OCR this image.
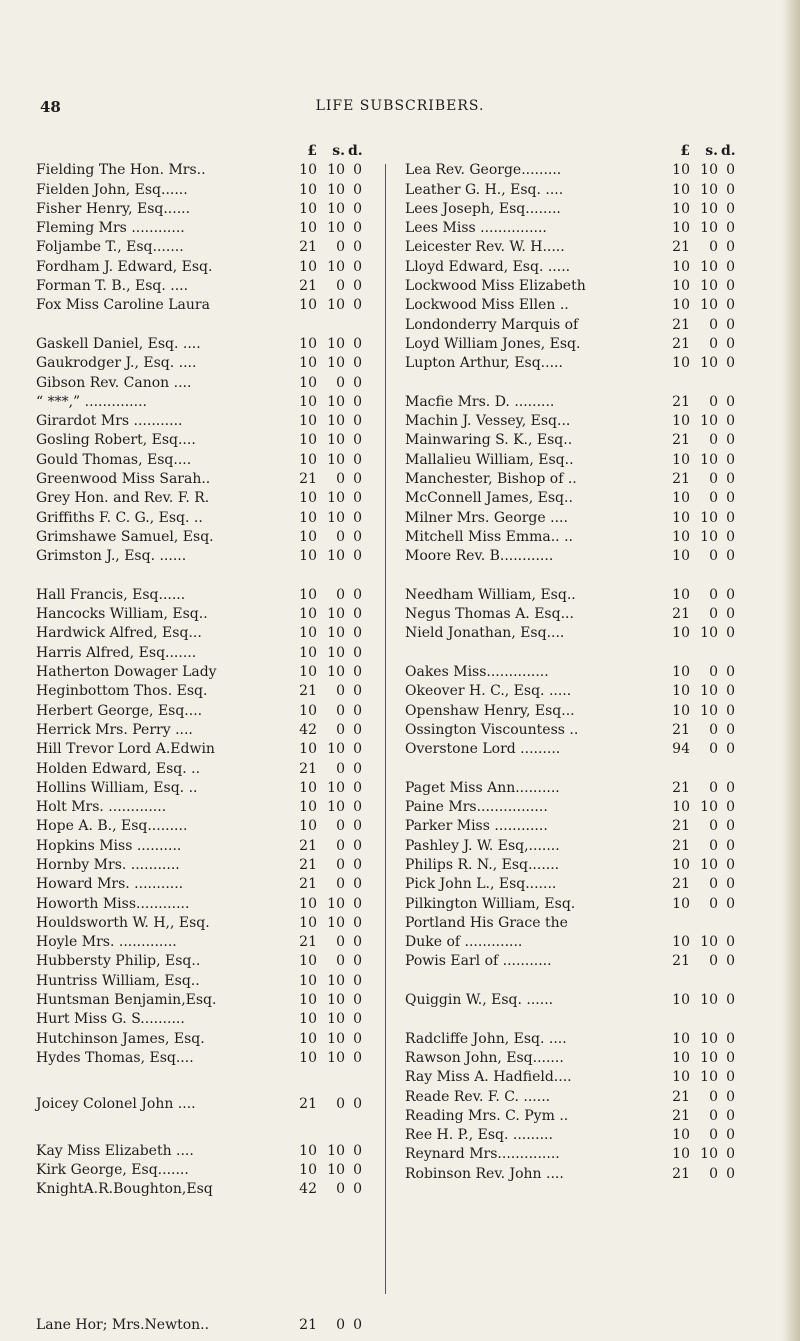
48	LIFE SUBSCRIBERS.
£	s. d.
Fielding The Hon. Mrs..	10 10 0
Fielden John, Esq......	10 10 0
Fisher Henry, Esq......	10 10 0
Fleming Mrs ............	10 10 0
Foljambe T., Esq.......	21	0 0
Fordham J. Edward, Esq.	10 10 0
Forman T. B., Esq. ....	21	0 0
Fox Miss Caroline Laura	10 10 0
Gaskell Daniel, Esq. ....	10 10 0
Gaukrodger J., Esq. ....	10 10 0
Gibson Rev. Canon ....	10	0 0
“ ***,” ..............	10 10 0
Girardot Mrs ...........	10 10 0
Gosling Robert, Esq....	10 10 0
Gould Thomas, Esq....	10 10 0
Greenwood Miss Sarah..	21	0 0
Grey Hon. and Rev. F. R.	10 10 0
Griffiths F. C. G., Esq. ..	10 10 0
Grimshawe Samuel, Esq.	10	0 0
Grimston J., Esq. ......	10 10 0
Hall Francis, Esq......	10	0 0
Hancocks William, Esq..	10 10 0
Hardwick Alfred, Esq...	10 10 0
Harris Alfred, Esq.......	10 10 0
Hatherton Dowager Lady	10 10 0
Heginbottom Thos. Esq.	21	0 0
Herbert George, Esq....	10	0 0
Herrick Mrs. Perry ....	42	0 0
Hill Trevor Lord A.Edwin	10 10 0
Holden Edward, Esq. ..	21	0 0
Hollins William, Esq. ..	10 10 0
Holt Mrs. .............	10 10 0
Hope A. B., Esq.........	10	0 0
Hopkins Miss ..........	21	0 0
Hornby Mrs. ...........	21	0 0
Howard Mrs. ...........	21	0 0
Howorth Miss............	10 10 0
Houldsworth W. H,, Esq.	10 10 0
Hoyle Mrs. .............	21	0 0
Hubbersty Philip, Esq..	10	0 0
Huntriss William, Esq..	10 10 0
Huntsman Benjamin,Esq.	10 10 0
Hurt Miss G. S..........	10 10 0
Hutchinson James, Esq.	10 10 0
Hydes Thomas, Esq....	10 10 0
Joicey Colonel John ....	21	0 0
Kay Miss Elizabeth ....	10 10 0
Kirk George, Esq.......	10 10 0
KnightA.R.Boughton,Esq	42	0 0
Lane Hor; Mrs.Newton..	21	0 0
£	s. d.
Lea Rev. George.........	10 10 0
Leather G. H., Esq. ....	10 10 0
Lees Joseph, Esq........	10 10 0
Lees Miss ...............	10 10 0
Leicester Rev. W. H.....	21	0 0
Lloyd Edward, Esq. .....	10 10 0
Lockwood Miss Elizabeth	10 10 0
Lockwood Miss Ellen ..	10 10 0
Londonderry Marquis of	21	0 0
Loyd William Jones, Esq.	21	0 0
Lupton Arthur, Esq.....	10 10 0
Macfie Mrs. D. .........	21	0 0
Machin J. Vessey, Esq...	10 10 0
Mainwaring S. K., Esq..	21	0 0
Mallalieu William, Esq..	10 10 0
Manchester, Bishop of ..	21	0 0
McConnell James, Esq..	10	0 0
Milner Mrs. George ....	10 10 0
Mitchell Miss Emma.. ..	10 10 0
Moore Rev. B............	10	0 0
Needham William, Esq..	10	0 0
Negus Thomas A. Esq...	21	0 0
Nield Jonathan, Esq....	10 10 0
Oakes Miss..............	10	0 0
Okeover H. C., Esq. .....	10 10 0
Openshaw Henry, Esq...	10 10 0
Ossington Viscountess ..	21	0 0
Overstone Lord .........	94	0 0
Paget Miss Ann..........	21	0 0
Paine Mrs................	10 10 0
Parker Miss ............	21	0 0
Pashley J. W. Esq,.......	21	0 0
Philips R. N., Esq.......	10 10 0
Pick John L., Esq.......	21	0 0
Pilkington William, Esq.	10	0 0
Portland His Grace the
Duke of .............	10 10 0
Powis Earl of ...........	21	0 0
Quiggin W., Esq. ......	10 10 0
Radcliffe John, Esq. ....	10 10 0
Rawson John, Esq.......	10 10 0
Ray Miss A. Hadfield....	10 10 0
Reade Rev. F. C. ......	21	0 0
Reading Mrs. C. Pym ..	21	0 0
Ree H. P., Esq. .........	10	0 0
Reynard Mrs..............	10 10 0
Robinson Rev. John ....	21	0 0
